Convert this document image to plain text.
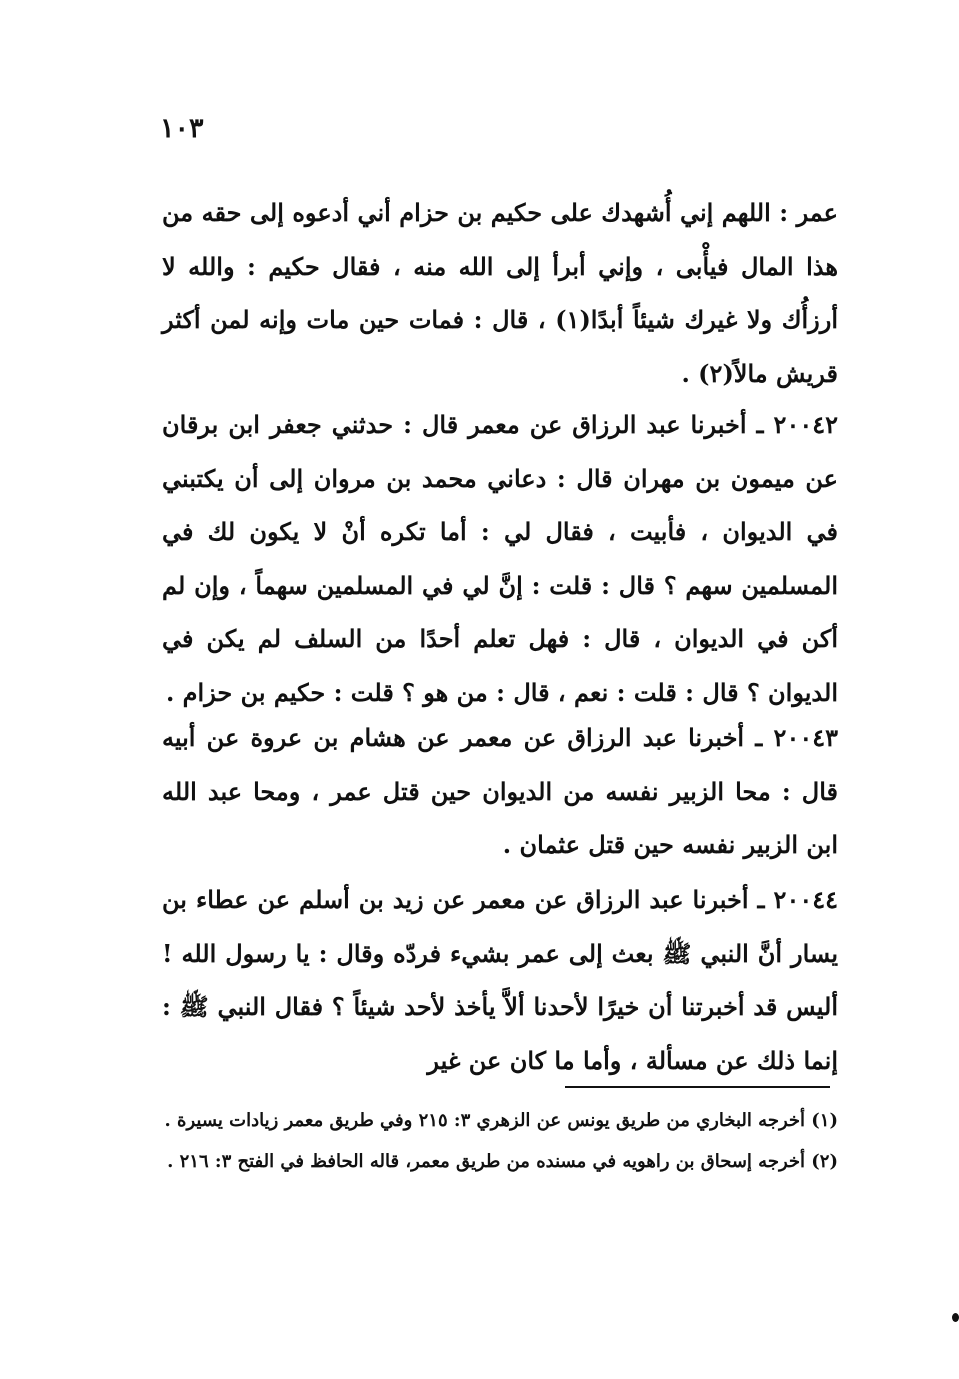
١٠٣

عمر : اللهم إني أُشهدك على حكيم بن حزام أني أدعوه إلى حقه من هذا المال فيأْبى ، وإني أبرأ إلى الله منه ، فقال حكيم : والله لا أرزأُك ولا غيرك شيئاً أبدًا(١) ، قال : فمات حين مات وإنه لمن أكثر قريش مالاً(٢) .

٢٠٠٤٢ ـ أخبرنا عبد الرزاق عن معمر قال : حدثني جعفر ابن برقان عن ميمون بن مهران قال : دعاني محمد بن مروان إلى أن يكتبني في الديوان ، فأبيت ، فقال لي : أما تكره أنْ لا يكون لك في المسلمين سهم ؟ قال : قلت : إنَّ لي في المسلمين سهماً ، وإن لم أكن في الديوان ، قال : فهل تعلم أحدًا من السلف لم يكن في الديوان ؟ قال : قلت : نعم ، قال : من هو ؟ قلت : حكيم بن حزام .

٢٠٠٤٣ ـ أخبرنا عبد الرزاق عن معمر عن هشام بن عروة عن أبيه قال : محا الزبير نفسه من الديوان حين قتل عمر ، ومحا عبد الله ابن الزبير نفسه حين قتل عثمان .

٢٠٠٤٤ ـ أخبرنا عبد الرزاق عن معمر عن زيد بن أسلم عن عطاء بن يسار أنَّ النبي ﷺ بعث إلى عمر بشيء فردّه وقال : يا رسول الله ! أليس قد أخبرتنا أن خيرًا لأحدنا ألاَّ يأخذ لأحد شيئاً ؟ فقال النبي ﷺ : إنما ذلك عن مسألة ، وأما ما كان عن غير

(١) أخرجه البخاري من طريق يونس عن الزهري ٣: ٢١٥ وفي طريق معمر زيادات يسيرة .

(٢) أخرجه إسحاق بن راهويه في مسنده من طريق معمر، قاله الحافظ في الفتح ٣: ٢١٦ .
